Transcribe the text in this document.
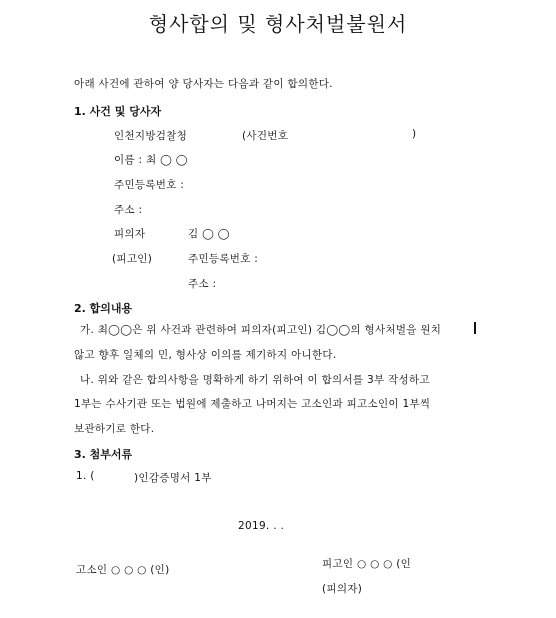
형사합의 및 형사처벌불원서
아래 사건에 관하여 양 당사자는 다음과 같이 합의한다.
1. 사건 및 당사자
인천지방검찰청	(사건번호	)
이름 : 최 ◯ ◯
주민등록번호 :
주소 :
피의자	김 ◯ ◯
(피고인)	주민등록번호 :
주소 :
2. 합의내용
가. 최◯◯은 위 사건과 관련하여 피의자(피고인) 김◯◯의 형사처벌을 원치
않고 향후 일체의 민, 형사상 이의를 제기하지 아니한다.
나. 위와 같은 합의사항을 명확하게 하기 위하여 이 합의서를 3부 작성하고
1부는 수사기관 또는 법원에 제출하고 나머지는 고소인과 피고소인이 1부씩
보관하기로 한다.
3. 첨부서류
1. (	)인감증명서 1부
2019. . .
고소인 ○ ○ ○ (인)	피고인 ○ ○ ○ (인
(피의자)
